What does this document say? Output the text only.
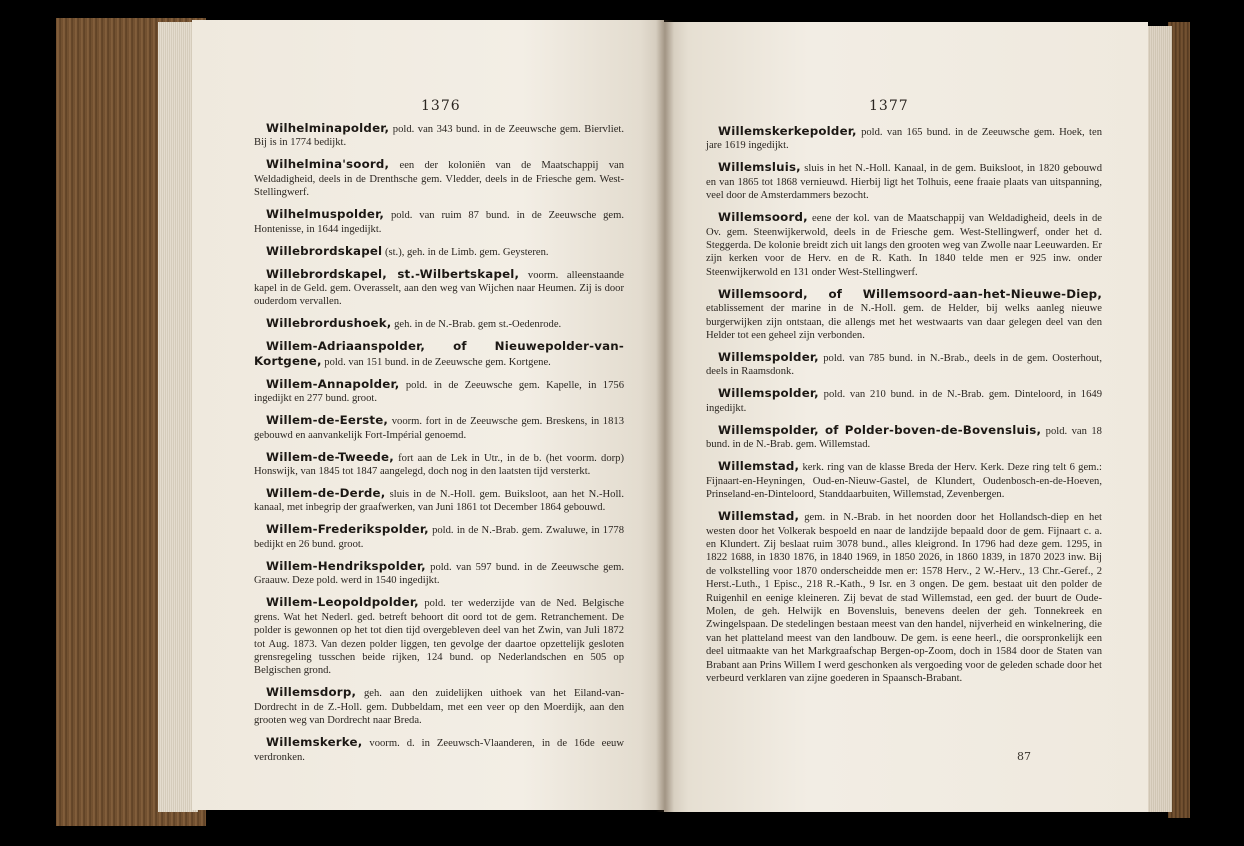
1376	1377

Wilhelminapolder, pold. van 343 bund. in de Zeeuwsche gem. Biervliet. Bij is in 1774 bedijkt.

Wilhelmina'soord, een der koloniën van de Maatschappij van Weldadigheid, deels in de Drenthsche gem. Vledder, deels in de Friesche gem. West-Stellingwerf.

Wilhelmuspolder, pold. van ruim 87 bund. in de Zeeuwsche gem. Hontenisse, in 1644 ingedijkt.

Willebrordskapel (st.), geh. in de Limb. gem. Geysteren.

Willebrordskapel, st.-Wilbertskapel, voorm. alleenstaande kapel in de Geld. gem. Overasselt, aan den weg van Wijchen naar Heumen. Zij is door ouderdom vervallen.

Willebrordushoek, geh. in de N.-Brab. gem st.-Oedenrode.

Willem-Adriaanspolder, of Nieuwepolder-van-Kortgene, pold. van 151 bund. in de Zeeuwsche gem. Kortgene.

Willem-Annapolder, pold. in de Zeeuwsche gem. Kapelle, in 1756 ingedijkt en 277 bund. groot.

Willem-de-Eerste, voorm. fort in de Zeeuwsche gem. Breskens, in 1813 gebouwd en aanvankelijk Fort-Impérial genoemd.

Willem-de-Tweede, fort aan de Lek in Utr., in de b. (het voorm. dorp) Honswijk, van 1845 tot 1847 aangelegd, doch nog in den laatsten tijd versterkt.

Willem-de-Derde, sluis in de N.-Holl. gem. Buiksloot, aan het N.-Holl. kanaal, met inbegrip der graafwerken, van Juni 1861 tot December 1864 gebouwd.

Willem-Frederikspolder, pold. in de N.-Brab. gem. Zwaluwe, in 1778 bedijkt en 26 bund. groot.

Willem-Hendrikspolder, pold. van 597 bund. in de Zeeuwsche gem. Graauw. Deze pold. werd in 1540 ingedijkt.

Willem-Leopoldpolder, pold. ter wederzijde van de Ned. Belgische grens. Wat het Nederl. ged. betreft behoort dit oord tot de gem. Retranchement. De polder is gewonnen op het tot dien tijd overgebleven deel van het Zwin, van Juli 1872 tot Aug. 1873. Van dezen polder liggen, ten gevolge der daartoe opzettelijk gesloten grensregeling tusschen beide rijken, 124 bund. op Nederlandschen en 505 op Belgischen grond.

Willemsdorp, geh. aan den zuidelijken uithoek van het Eiland-van-Dordrecht in de Z.-Holl. gem. Dubbeldam, met een veer op den Moerdijk, aan den grooten weg van Dordrecht naar Breda.

Willemskerke, voorm. d. in Zeeuwsch-Vlaanderen, in de 16de eeuw verdronken.

Willemskerkepolder, pold. van 165 bund. in de Zeeuwsche gem. Hoek, ten jare 1619 ingedijkt.

Willemsluis, sluis in het N.-Holl. Kanaal, in de gem. Buiksloot, in 1820 gebouwd en van 1865 tot 1868 vernieuwd. Hierbij ligt het Tolhuis, eene fraaie plaats van uitspanning, veel door de Amsterdammers bezocht.

Willemsoord, eene der kol. van de Maatschappij van Weldadigheid, deels in de Ov. gem. Steenwijkerwold, deels in de Friesche gem. West-Stellingwerf, onder het d. Steggerda. De kolonie breidt zich uit langs den grooten weg van Zwolle naar Leeuwarden. Er zijn kerken voor de Herv. en de R. Kath. In 1840 telde men er 925 inw. onder Steenwijkerwold en 131 onder West-Stellingwerf.

Willemsoord, of Willemsoord-aan-het-Nieuwe-Diep, etablissement der marine in de N.-Holl. gem. de Helder, bij welks aanleg nieuwe burgerwijken zijn ontstaan, die allengs met het westwaarts van daar gelegen deel van den Helder tot een geheel zijn verbonden.

Willemspolder, pold. van 785 bund. in N.-Brab., deels in de gem. Oosterhout, deels in Raamsdonk.

Willemspolder, pold. van 210 bund. in de N.-Brab. gem. Dinteloord, in 1649 ingedijkt.

Willemspolder, of Polder-boven-de-Bovensluis, pold. van 18 bund. in de N.-Brab. gem. Willemstad.

Willemstad, kerk. ring van de klasse Breda der Herv. Kerk. Deze ring telt 6 gem.: Fijnaart-en-Heyningen, Oud-en-Nieuw-Gastel, de Klundert, Oudenbosch-en-de-Hoeven, Prinseland-en-Dinteloord, Standdaarbuiten, Willemstad, Zevenbergen.

Willemstad, gem. in N.-Brab. in het noorden door het Hollandsch-diep en het westen door het Volkerak bespoeld en naar de landzijde bepaald door de gem. Fijnaart c. a. en Klundert. Zij beslaat ruim 3078 bund., alles kleigrond. In 1796 had deze gem. 1295, in 1822 1688, in 1830 1876, in 1840 1969, in 1850 2026, in 1860 1839, in 1870 2023 inw. Bij de volkstelling voor 1870 onderscheidde men er: 1578 Herv., 2 W.-Herv., 13 Chr.-Geref., 2 Herst.-Luth., 1 Episc., 218 R.-Kath., 9 Isr. en 3 ongen. De gem. bestaat uit den polder de Ruigenhil en eenige kleineren. Zij bevat de stad Willemstad, een ged. der buurt de Oude-Molen, de geh. Helwijk en Bovensluis, benevens deelen der geh. Tonnekreek en Zwingelspaan. De stedelingen bestaan meest van den handel, nijverheid en winkelnering, die van het platteland meest van den landbouw. De gem. is eene heerl., die oorspronkelijk een deel uitmaakte van het Markgraafschap Bergen-op-Zoom, doch in 1584 door de Staten van Brabant aan Prins Willem I werd geschonken als vergoeding voor de geleden schade door het verbeurd verklaren van zijne goederen in Spaansch-Brabant.

87
